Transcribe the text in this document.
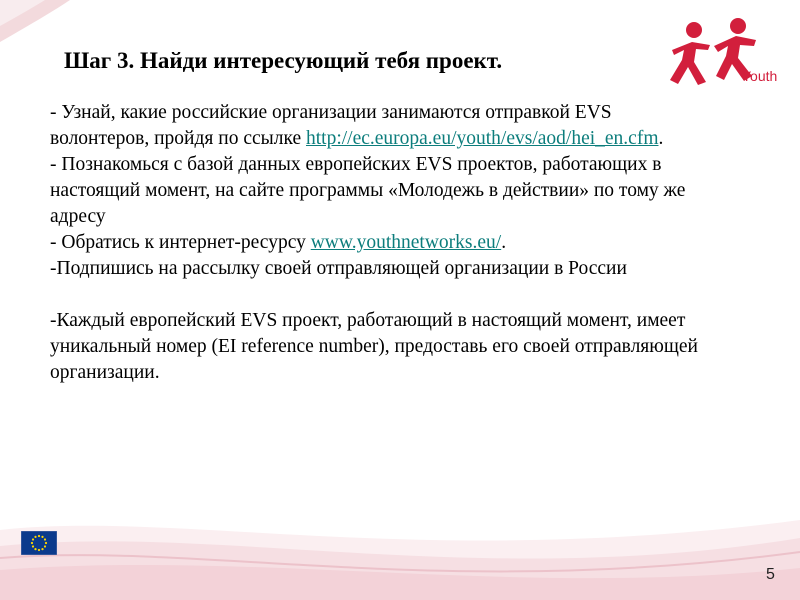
Youth
Шаг 3. Найди интересующий тебя проект.

- Узнай, какие российские организации занимаются отправкой EVS волонтеров, пройдя по ссылке http://ec.europa.eu/youth/evs/aod/hei_en.cfm.

- Познакомься с базой данных европейских EVS проектов, работающих в настоящий момент, на сайте программы «Молодежь в действии» по тому же адресу

- Обратись к интернет-ресурсу www.youthnetworks.eu/.

-Подпишись на рассылку своей отправляющей организации в России

-Каждый европейский EVS проект, работающий в настоящий момент, имеет уникальный номер (EI reference number), предоставь его своей отправляющей организации.

5
